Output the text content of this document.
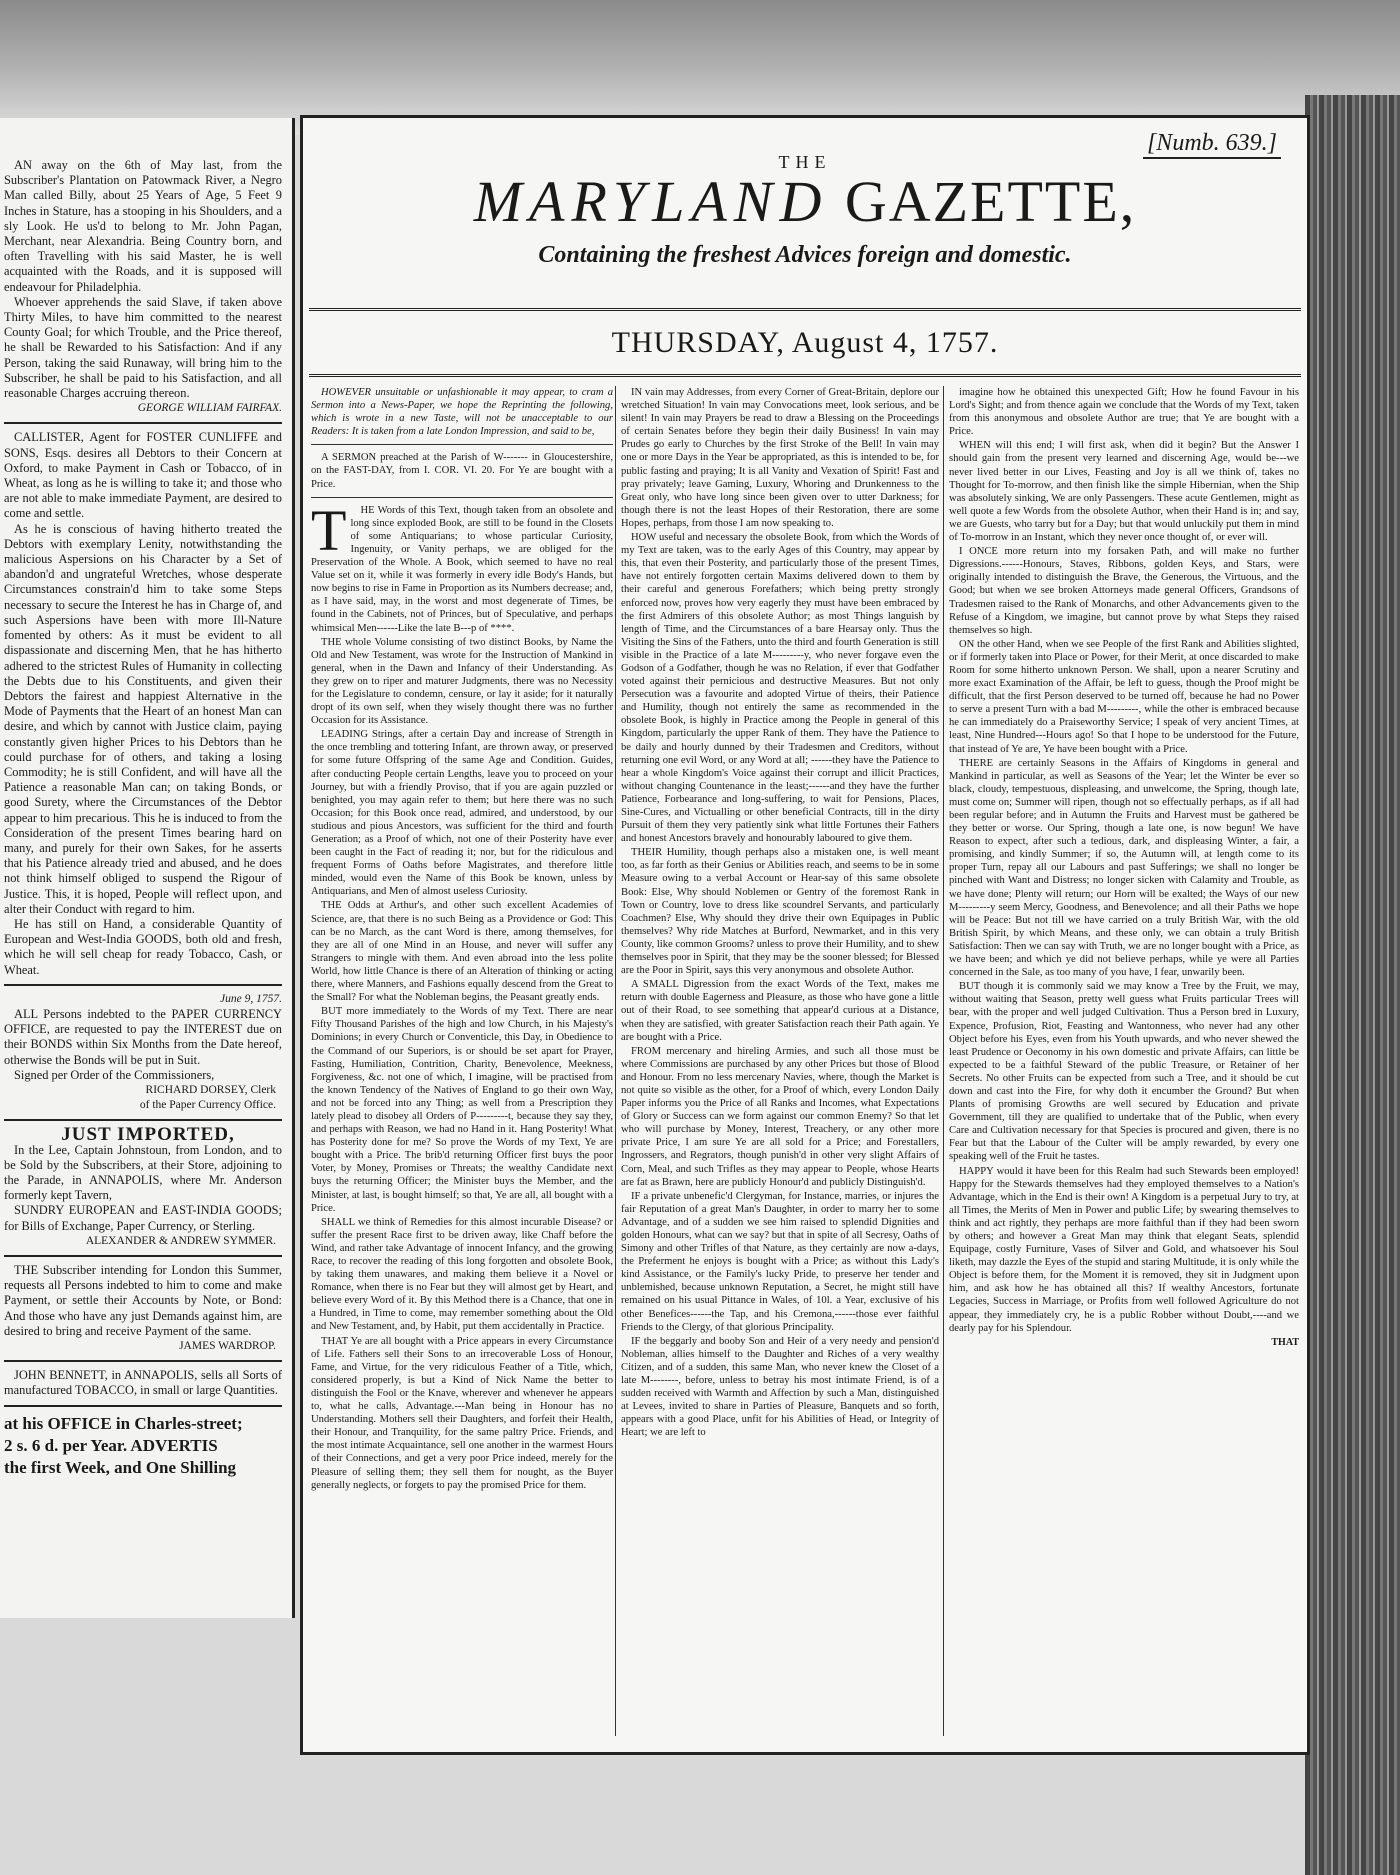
AN away on the 6th of May last, from the Subscriber's Plantation on Patowmack River, a Negro Man called Billy, about 25 Years of Age, 5 Feet 9 Inches in Stature, has a stooping in his Shoulders, and a sly Look. He us'd to belong to Mr. John Pagan, Merchant, near Alexandria. Being Country born, and often Travelling with his said Master, he is well acquainted with the Roads, and it is supposed will endeavour for Philadelphia.

Whoever apprehends the said Slave, if taken above Thirty Miles, to have him committed to the nearest County Goal; for which Trouble, and the Price thereof, he shall be Rewarded to his Satisfaction: And if any Person, taking the said Runaway, will bring him to the Subscriber, he shall be paid to his Satisfaction, and all reasonable Charges accruing thereon.

GEORGE WILLIAM FAIRFAX.

CALLISTER, Agent for FOSTER CUNLIFFE and SONS, Esqs. desires all Debtors to their Concern at Oxford, to make Payment in Cash or Tobacco, of in Wheat, as long as he is willing to take it; and those who are not able to make immediate Payment, are desired to come and settle.

As he is conscious of having hitherto treated the Debtors with exemplary Lenity, notwithstanding the malicious Aspersions on his Character by a Set of abandon'd and ungrateful Wretches, whose desperate Circumstances constrain'd him to take some Steps necessary to secure the Interest he has in Charge of, and such Aspersions have been with more Ill-Nature fomented by others: As it must be evident to all dispassionate and discerning Men, that he has hitherto adhered to the strictest Rules of Humanity in collecting the Debts due to his Constituents, and given their Debtors the fairest and happiest Alternative in the Mode of Payments that the Heart of an honest Man can desire, and which by cannot with Justice claim, paying constantly given higher Prices to his Debtors than he could purchase for of others, and taking a losing Commodity; he is still Confident, and will have all the Patience a reasonable Man can; on taking Bonds, or good Surety, where the Circumstances of the Debtor appear to him precarious. This he is induced to from the Consideration of the present Times bearing hard on many, and purely for their own Sakes, for he asserts that his Patience already tried and abused, and he does not think himself obliged to suspend the Rigour of Justice. This, it is hoped, People will reflect upon, and alter their Conduct with regard to him.

He has still on Hand, a considerable Quantity of European and West-India GOODS, both old and fresh, which he will sell cheap for ready Tobacco, Cash, or Wheat.

June 9, 1757.

ALL Persons indebted to the PAPER CURRENCY OFFICE, are requested to pay the INTEREST due on their BONDS within Six Months from the Date hereof, otherwise the Bonds will be put in Suit.

Signed per Order of the Commissioners,

RICHARD DORSEY, Clerk

of the Paper Currency Office.

JUST IMPORTED,

In the Lee, Captain Johnstoun, from London, and to be Sold by the Subscribers, at their Store, adjoining to the Parade, in ANNAPOLIS, where Mr. Anderson formerly kept Tavern,

SUNDRY EUROPEAN and EAST-INDIA GOODS; for Bills of Exchange, Paper Currency, or Sterling.

ALEXANDER & ANDREW SYMMER.

THE Subscriber intending for London this Summer, requests all Persons indebted to him to come and make Payment, or settle their Accounts by Note, or Bond: And those who have any just Demands against him, are desired to bring and receive Payment of the same.

JAMES WARDROP.

JOHN BENNETT, in ANNAPOLIS, sells all Sorts of manufactured TOBACCO, in small or large Quantities.

at his OFFICE in Charles-street;

2 s. 6 d. per Year. ADVERTIS

the first Week, and One Shilling

[Numb. 639.]
THE
MARYLAND GAZETTE,
Containing the freshest Advices foreign and domestic.
THURSDAY, August 4, 1757.

HOWEVER unsuitable or unfashionable it may appear, to cram a Sermon into a News-Paper, we hope the Reprinting the following, which is wrote in a new Taste, will not be unacceptable to our Readers: It is taken from a late London Impression, and said to be,

A SERMON preached at the Parish of W------- in Gloucestershire, on the FAST-DAY, from I. COR. VI. 20. For Ye are bought with a Price.

T	HE Words of this Text, though taken from an obsolete and long since exploded Book, are still to be found in the Closets of some Antiquarians; to whose particular Curiosity, Ingenuity, or Vanity perhaps, we are obliged for the Preservation of the Whole. A Book, which seemed to have no real Value set on it, while it was formerly in every idle Body's Hands, but now begins to rise in Fame in Proportion as its Numbers decrease; and, as I have said, may, in the worst and most degenerate of Times, be found in the Cabinets, not of Princes, but of Speculative, and perhaps whimsical Men------Like the late B---p of ****.

THE whole Volume consisting of two distinct Books, by Name the Old and New Testament, was wrote for the Instruction of Mankind in general, when in the Dawn and Infancy of their Understanding. As they grew on to riper and maturer Judgments, there was no Necessity for the Legislature to condemn, censure, or lay it aside; for it naturally dropt of its own self, when they wisely thought there was no further Occasion for its Assistance.

LEADING Strings, after a certain Day and increase of Strength in the once trembling and tottering Infant, are thrown away, or preserved for some future Offspring of the same Age and Condition. Guides, after conducting People certain Lengths, leave you to proceed on your Journey, but with a friendly Proviso, that if you are again puzzled or benighted, you may again refer to them; but here there was no such Occasion; for this Book once read, admired, and understood, by our studious and pious Ancestors, was sufficient for the third and fourth Generation; as a Proof of which, not one of their Posterity have ever been caught in the Fact of reading it; nor, but for the ridiculous and frequent Forms of Oaths before Magistrates, and therefore little minded, would even the Name of this Book be known, unless by Antiquarians, and Men of almost useless Curiosity.

THE Odds at Arthur's, and other such excellent Academies of Science, are, that there is no such Being as a Providence or God: This can be no March, as the cant Word is there, among themselves, for they are all of one Mind in an House, and never will suffer any Strangers to mingle with them. And even abroad into the less polite World, how little Chance is there of an Alteration of thinking or acting there, where Manners, and Fashions equally descend from the Great to the Small? For what the Nobleman begins, the Peasant greatly ends.

BUT more immediately to the Words of my Text. There are near Fifty Thousand Parishes of the high and low Church, in his Majesty's Dominions; in every Church or Conventicle, this Day, in Obedience to the Command of our Superiors, is or should be set apart for Prayer, Fasting, Humiliation, Contrition, Charity, Benevolence, Meekness, Forgiveness, &c. not one of which, I imagine, will be practised from the known Tendency of the Natives of England to go their own Way, and not be forced into any Thing; as well from a Prescription they lately plead to disobey all Orders of P---------t, because they say they, and perhaps with Reason, we had no Hand in it. Hang Posterity! What has Posterity done for me? So prove the Words of my Text, Ye are bought with a Price. The brib'd returning Officer first buys the poor Voter, by Money, Promises or Threats; the wealthy Candidate next buys the returning Officer; the Minister buys the Member, and the Minister, at last, is bought himself; so that, Ye are all, all bought with a Price.

SHALL we think of Remedies for this almost incurable Disease? or suffer the present Race first to be driven away, like Chaff before the Wind, and rather take Advantage of innocent Infancy, and the growing Race, to recover the reading of this long forgotten and obsolete Book, by taking them unawares, and making them believe it a Novel or Romance, when there is no Fear but they will almost get by Heart, and believe every Word of it. By this Method there is a Chance, that one in a Hundred, in Time to come, may remember something about the Old and New Testament, and, by Habit, put them accidentally in Practice.

THAT Ye are all bought with a Price appears in every Circumstance of Life. Fathers sell their Sons to an irrecoverable Loss of Honour, Fame, and Virtue, for the very ridiculous Feather of a Title, which, considered properly, is but a Kind of Nick Name the better to distinguish the Fool or the Knave, wherever and whenever he appears to, what he calls, Advantage.---Man being in Honour has no Understanding. Mothers sell their Daughters, and forfeit their Health, their Honour, and Tranquility, for the same paltry Price. Friends, and the most intimate Acquaintance, sell one another in the warmest Hours of their Connections, and get a very poor Price indeed, merely for the Pleasure of selling them; they sell them for nought, as the Buyer generally neglects, or forgets to pay the promised Price for them.

IN vain may Addresses, from every Corner of Great-Britain, deplore our wretched Situation! In vain may Convocations meet, look serious, and be silent! In vain may Prayers be read to draw a Blessing on the Proceedings of certain Senates before they begin their daily Business! In vain may Prudes go early to Churches by the first Stroke of the Bell! In vain may one or more Days in the Year be appropriated, as this is intended to be, for public fasting and praying; It is all Vanity and Vexation of Spirit! Fast and pray privately; leave Gaming, Luxury, Whoring and Drunkenness to the Great only, who have long since been given over to utter Darkness; for though there is not the least Hopes of their Restoration, there are some Hopes, perhaps, from those I am now speaking to.

HOW useful and necessary the obsolete Book, from which the Words of my Text are taken, was to the early Ages of this Country, may appear by this, that even their Posterity, and particularly those of the present Times, have not entirely forgotten certain Maxims delivered down to them by their careful and generous Forefathers; which being pretty strongly enforced now, proves how very eagerly they must have been embraced by the first Admirers of this obsolete Author; as most Things languish by length of Time, and the Circumstances of a bare Hearsay only. Thus the Visiting the Sins of the Fathers, unto the third and fourth Generation is still visible in the Practice of a late M---------y, who never forgave even the Godson of a Godfather, though he was no Relation, if ever that Godfather voted against their pernicious and destructive Measures. But not only Persecution was a favourite and adopted Virtue of theirs, their Patience and Humility, though not entirely the same as recommended in the obsolete Book, is highly in Practice among the People in general of this Kingdom, particularly the upper Rank of them. They have the Patience to be daily and hourly dunned by their Tradesmen and Creditors, without returning one evil Word, or any Word at all; ------they have the Patience to hear a whole Kingdom's Voice against their corrupt and illicit Practices, without changing Countenance in the least;------and they have the further Patience, Forbearance and long-suffering, to wait for Pensions, Places, Sine-Cures, and Victualling or other beneficial Contracts, till in the dirty Pursuit of them they very patiently sink what little Fortunes their Fathers and honest Ancestors bravely and honourably laboured to give them.

THEIR Humility, though perhaps also a mistaken one, is well meant too, as far forth as their Genius or Abilities reach, and seems to be in some Measure owing to a verbal Account or Hear-say of this same obsolete Book: Else, Why should Noblemen or Gentry of the foremost Rank in Town or Country, love to dress like scoundrel Servants, and particularly Coachmen? Else, Why should they drive their own Equipages in Public themselves? Why ride Matches at Burford, Newmarket, and in this very County, like common Grooms? unless to prove their Humility, and to shew themselves poor in Spirit, that they may be the sooner blessed; for Blessed are the Poor in Spirit, says this very anonymous and obsolete Author.

A SMALL Digression from the exact Words of the Text, makes me return with double Eagerness and Pleasure, as those who have gone a little out of their Road, to see something that appear'd curious at a Distance, when they are satisfied, with greater Satisfaction reach their Path again. Ye are bought with a Price.

FROM mercenary and hireling Armies, and such all those must be where Commissions are purchased by any other Prices but those of Blood and Honour. From no less mercenary Navies, where, though the Market is not quite so visible as the other, for a Proof of which, every London Daily Paper informs you the Price of all Ranks and Incomes, what Expectations of Glory or Success can we form against our common Enemy? So that let who will purchase by Money, Interest, Treachery, or any other more private Price, I am sure Ye are all sold for a Price; and Forestallers, Ingrossers, and Regrators, though punish'd in other very slight Affairs of Corn, Meal, and such Trifles as they may appear to People, whose Hearts are fat as Brawn, here are publicly Honour'd and publicly Distinguish'd.

IF a private unbenefic'd Clergyman, for Instance, marries, or injures the fair Reputation of a great Man's Daughter, in order to marry her to some Advantage, and of a sudden we see him raised to splendid Dignities and golden Honours, what can we say? but that in spite of all Secresy, Oaths of Simony and other Trifles of that Nature, as they certainly are now a-days, the Preferment he enjoys is bought with a Price; as without this Lady's kind Assistance, or the Family's lucky Pride, to preserve her tender and unblemished, because unknown Reputation, a Secret, he might still have remained on his usual Pittance in Wales, of 10l. a Year, exclusive of his other Benefices------the Tap, and his Cremona,------those ever faithful Friends to the Clergy, of that glorious Principality.

IF the beggarly and booby Son and Heir of a very needy and pension'd Nobleman, allies himself to the Daughter and Riches of a very wealthy Citizen, and of a sudden, this same Man, who never knew the Closet of a late M--------, before, unless to betray his most intimate Friend, is of a sudden received with Warmth and Affection by such a Man, distinguished at Levees, invited to share in Parties of Pleasure, Banquets and so forth, appears with a good Place, unfit for his Abilities of Head, or Integrity of Heart; we are left to

imagine how he obtained this unexpected Gift; How he found Favour in his Lord's Sight; and from thence again we conclude that the Words of my Text, taken from this anonymous and obsolete Author are true; that Ye are bought with a Price.

WHEN will this end; I will first ask, when did it begin? But the Answer I should gain from the present very learned and discerning Age, would be---we never lived better in our Lives, Feasting and Joy is all we think of, takes no Thought for To-morrow, and then finish like the simple Hibernian, when the Ship was absolutely sinking, We are only Passengers. These acute Gentlemen, might as well quote a few Words from the obsolete Author, when their Hand is in; and say, we are Guests, who tarry but for a Day; but that would unluckily put them in mind of To-morrow in an Instant, which they never once thought of, or ever will.

I ONCE more return into my forsaken Path, and will make no further Digressions.------Honours, Staves, Ribbons, golden Keys, and Stars, were originally intended to distinguish the Brave, the Generous, the Virtuous, and the Good; but when we see broken Attorneys made general Officers, Grandsons of Tradesmen raised to the Rank of Monarchs, and other Advancements given to the Refuse of a Kingdom, we imagine, but cannot prove by what Steps they raised themselves so high.

ON the other Hand, when we see People of the first Rank and Abilities slighted, or if formerly taken into Place or Power, for their Merit, at once discarded to make Room for some hitherto unknown Person. We shall, upon a nearer Scrutiny and more exact Examination of the Affair, be left to guess, though the Proof might be difficult, that the first Person deserved to be turned off, because he had no Power to serve a present Turn with a bad M---------, while the other is embraced because he can immediately do a Praiseworthy Service; I speak of very ancient Times, at least, Nine Hundred---Hours ago! So that I hope to be understood for the Future, that instead of Ye are, Ye have been bought with a Price.

THERE are certainly Seasons in the Affairs of Kingdoms in general and Mankind in particular, as well as Seasons of the Year; let the Winter be ever so black, cloudy, tempestuous, displeasing, and unwelcome, the Spring, though late, must come on; Summer will ripen, though not so effectually perhaps, as if all had been regular before; and in Autumn the Fruits and Harvest must be gathered be they better or worse. Our Spring, though a late one, is now begun! We have Reason to expect, after such a tedious, dark, and displeasing Winter, a fair, a promising, and kindly Summer; if so, the Autumn will, at length come to its proper Turn, repay all our Labours and past Sufferings; we shall no longer be pinched with Want and Distress; no longer sicken with Calamity and Trouble, as we have done; Plenty will return; our Horn will be exalted; the Ways of our new M---------y seem Mercy, Goodness, and Benevolence; and all their Paths we hope will be Peace: But not till we have carried on a truly British War, with the old British Spirit, by which Means, and these only, we can obtain a truly British Satisfaction: Then we can say with Truth, we are no longer bought with a Price, as we have been; and which ye did not believe perhaps, while ye were all Parties concerned in the Sale, as too many of you have, I fear, unwarily been.

BUT though it is commonly said we may know a Tree by the Fruit, we may, without waiting that Season, pretty well guess what Fruits particular Trees will bear, with the proper and well judged Cultivation. Thus a Person bred in Luxury, Expence, Profusion, Riot, Feasting and Wantonness, who never had any other Object before his Eyes, even from his Youth upwards, and who never shewed the least Prudence or Oeconomy in his own domestic and private Affairs, can little be expected to be a faithful Steward of the public Treasure, or Retainer of her Secrets. No other Fruits can be expected from such a Tree, and it should be cut down and cast into the Fire, for why doth it encumber the Ground? But when Plants of promising Growths are well secured by Education and private Government, till they are qualified to undertake that of the Public, when every Care and Cultivation necessary for that Species is procured and given, there is no Fear but that the Labour of the Culter will be amply rewarded, by every one speaking well of the Fruit he tastes.

HAPPY would it have been for this Realm had such Stewards been employed! Happy for the Stewards themselves had they employed themselves to a Nation's Advantage, which in the End is their own! A Kingdom is a perpetual Jury to try, at all Times, the Merits of Men in Power and public Life; by swearing themselves to think and act rightly, they perhaps are more faithful than if they had been sworn by others; and however a Great Man may think that elegant Seats, splendid Equipage, costly Furniture, Vases of Silver and Gold, and whatsoever his Soul liketh, may dazzle the Eyes of the stupid and staring Multitude, it is only while the Object is before them, for the Moment it is removed, they sit in Judgment upon him, and ask how he has obtained all this? If wealthy Ancestors, fortunate Legacies, Success in Marriage, or Profits from well followed Agriculture do not appear, they immediately cry, he is a public Robber without Doubt,----and we dearly pay for his Splendour.

THAT
